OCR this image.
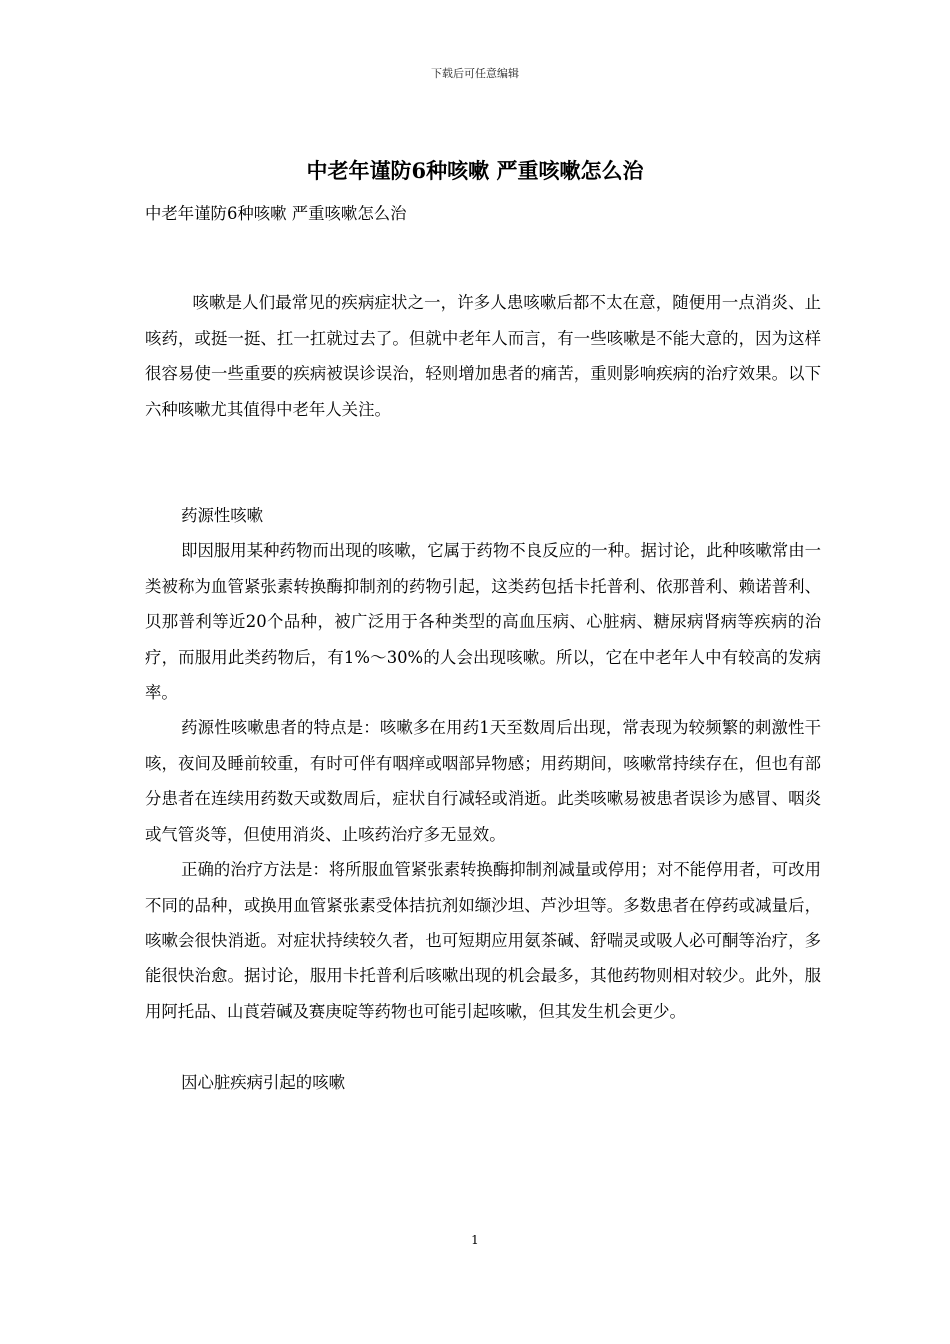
下载后可任意编辑
中老年谨防6种咳嗽 严重咳嗽怎么治

中老年谨防6种咳嗽 严重咳嗽怎么治

咳嗽是人们最常见的疾病症状之一，许多人患咳嗽后都不太在意，随便用一点消炎、止咳药，或挺一挺、扛一扛就过去了。但就中老年人而言，有一些咳嗽是不能大意的，因为这样很容易使一些重要的疾病被误诊误治，轻则增加患者的痛苦，重则影响疾病的治疗效果。以下六种咳嗽尤其值得中老年人关注。

药源性咳嗽

即因服用某种药物而出现的咳嗽，它属于药物不良反应的一种。据讨论，此种咳嗽常由一类被称为血管紧张素转换酶抑制剂的药物引起，这类药包括卡托普利、依那普利、赖诺普利、贝那普利等近20个品种，被广泛用于各种类型的高血压病、心脏病、糖尿病肾病等疾病的治疗，而服用此类药物后，有1%～30%的人会出现咳嗽。所以，它在中老年人中有较高的发病率。

药源性咳嗽患者的特点是：咳嗽多在用药1天至数周后出现，常表现为较频繁的刺激性干咳，夜间及睡前较重，有时可伴有咽痒或咽部异物感；用药期间，咳嗽常持续存在，但也有部分患者在连续用药数天或数周后，症状自行减轻或消逝。此类咳嗽易被患者误诊为感冒、咽炎或气管炎等，但使用消炎、止咳药治疗多无显效。

正确的治疗方法是：将所服血管紧张素转换酶抑制剂减量或停用；对不能停用者，可改用不同的品种，或换用血管紧张素受体拮抗剂如缬沙坦、芦沙坦等。多数患者在停药或减量后，咳嗽会很快消逝。对症状持续较久者，也可短期应用氨茶碱、舒喘灵或吸人必可酮等治疗，多能很快治愈。据讨论，服用卡托普利后咳嗽出现的机会最多，其他药物则相对较少。此外，服用阿托品、山莨菪碱及赛庚啶等药物也可能引起咳嗽，但其发生机会更少。

因心脏疾病引起的咳嗽

1
